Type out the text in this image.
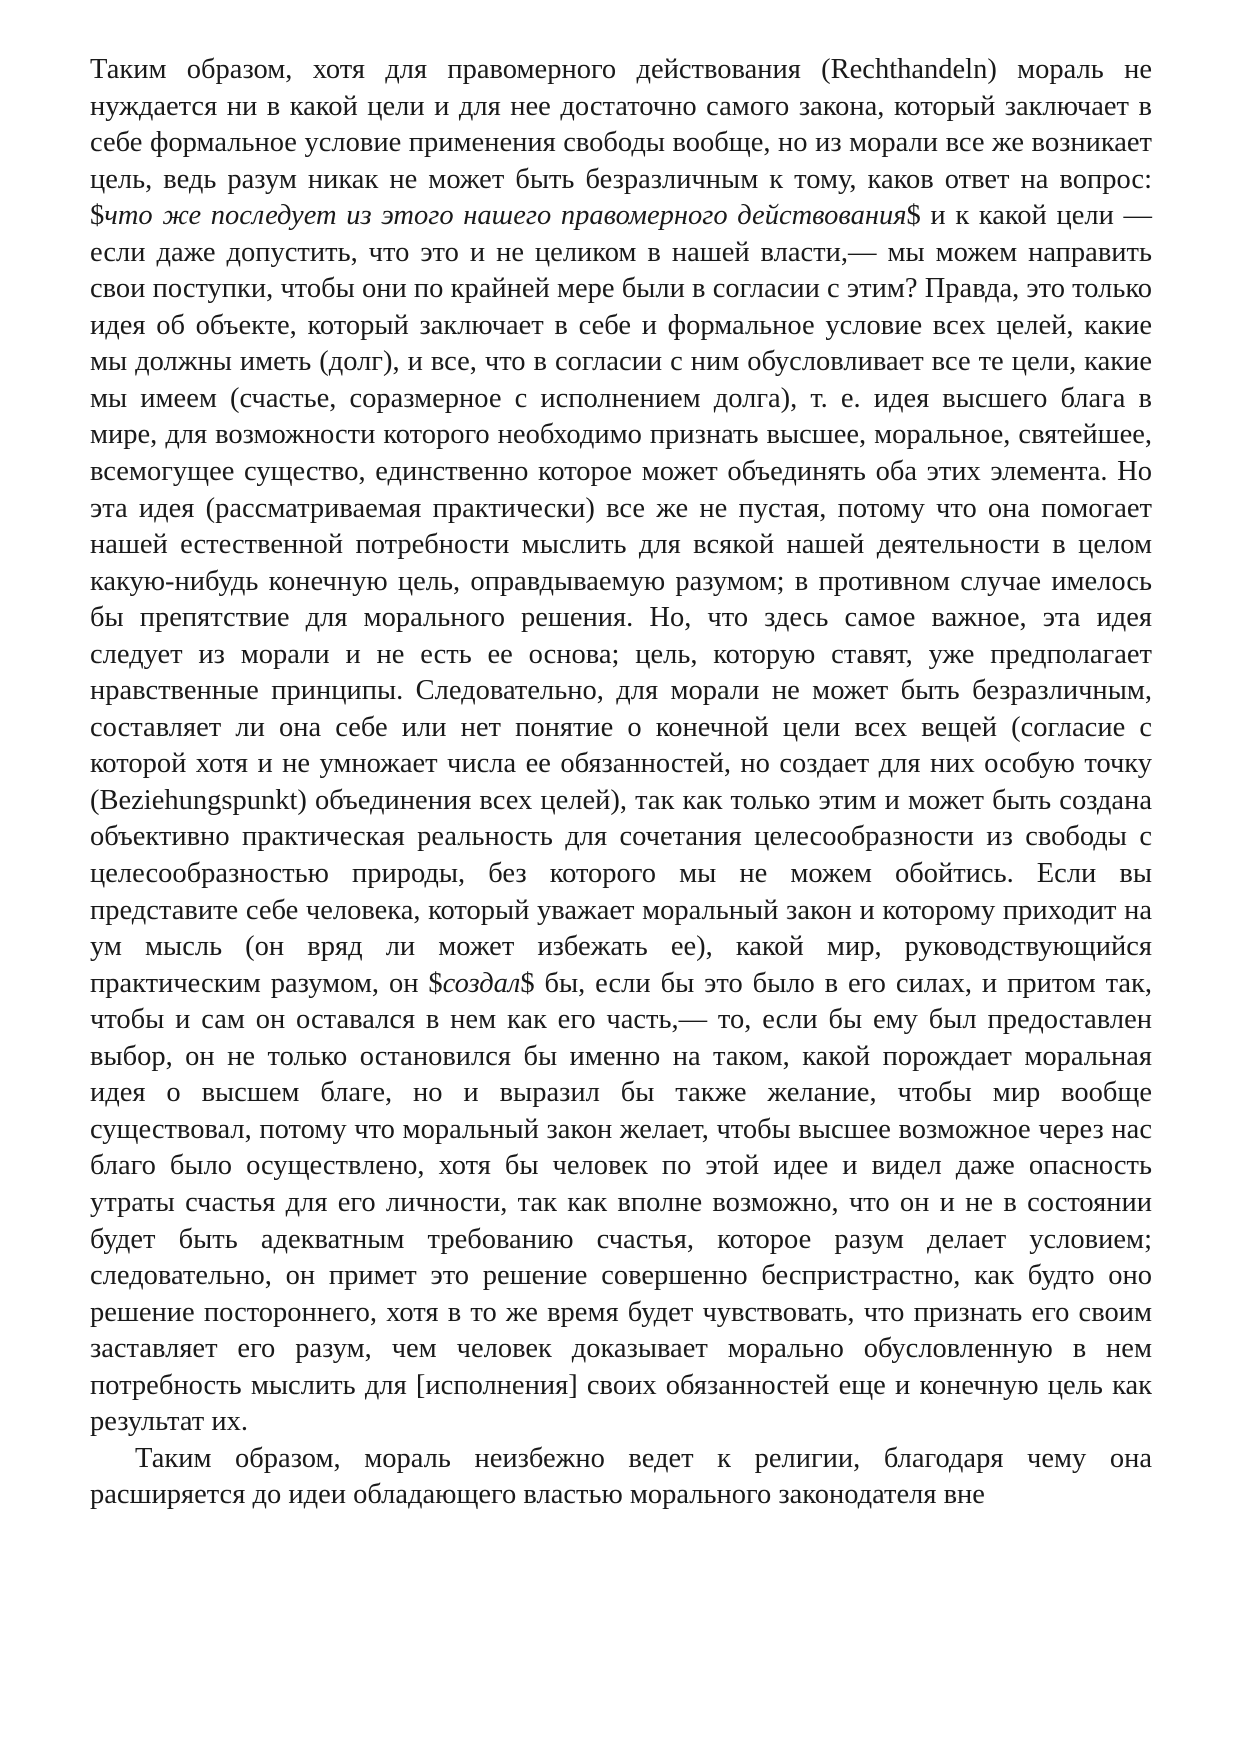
Таким образом, хотя для правомерного действования (Rechthandeln) мораль не нуждается ни в какой цели и для нее достаточно самого закона, который заключает в себе формальное условие применения свободы вообще, но из морали все же возникает цель, ведь разум никак не может быть безразличным к тому, каков ответ на вопрос: $что же последует из этого нашего правомерного действования$ и к какой цели — если даже допустить, что это и не целиком в нашей власти,— мы можем направить свои поступки, чтобы они по крайней мере были в согласии с этим? Правда, это только идея об объекте, который заключает в себе и формальное условие всех целей, какие мы должны иметь (долг), и все, что в согласии с ним обусловливает все те цели, какие мы имеем (счастье, соразмерное с исполнением долга), т. е. идея высшего блага в мире, для возможности которого необходимо признать высшее, моральное, святейшее, всемогущее существо, единственно которое может объединять оба этих элемента. Но эта идея (рассматриваемая практически) все же не пустая, потому что она помогает нашей естественной потребности мыслить для всякой нашей деятельности в целом какую-нибудь конечную цель, оправдываемую разумом; в противном случае имелось бы препятствие для морального решения. Но, что здесь самое важное, эта идея следует из морали и не есть ее основа; цель, которую ставят, уже предполагает нравственные принципы. Следовательно, для морали не может быть безразличным, составляет ли она себе или нет понятие о конечной цели всех вещей (согласие с которой хотя и не умножает числа ее обязанностей, но создает для них особую точку (Beziehungspunkt) объединения всех целей), так как только этим и может быть создана объективно практическая реальность для сочетания целесообразности из свободы с целесообразностью природы, без которого мы не можем обойтись. Если вы представите себе человека, который уважает моральный закон и которому приходит на ум мысль (он вряд ли может избежать ее), какой мир, руководствующийся практическим разумом, он $создал$ бы, если бы это было в его силах, и притом так, чтобы и сам он оставался в нем как его часть,— то, если бы ему был предоставлен выбор, он не только остановился бы именно на таком, какой порождает моральная идея о высшем благе, но и выразил бы также желание, чтобы мир вообще существовал, потому что моральный закон желает, чтобы высшее возможное через нас благо было осуществлено, хотя бы человек по этой идее и видел даже опасность утраты счастья для его личности, так как вполне возможно, что он и не в состоянии будет быть адекватным требованию счастья, которое разум делает условием; следовательно, он примет это решение совершенно беспристрастно, как будто оно решение постороннего, хотя в то же время будет чувствовать, что признать его своим заставляет его разум, чем человек доказывает морально обусловленную в нем потребность мыслить для [исполнения] своих обязанностей еще и конечную цель как результат их.

Таким образом, мораль неизбежно ведет к религии, благодаря чему она расширяется до идеи обладающего властью морального законодателя вне
